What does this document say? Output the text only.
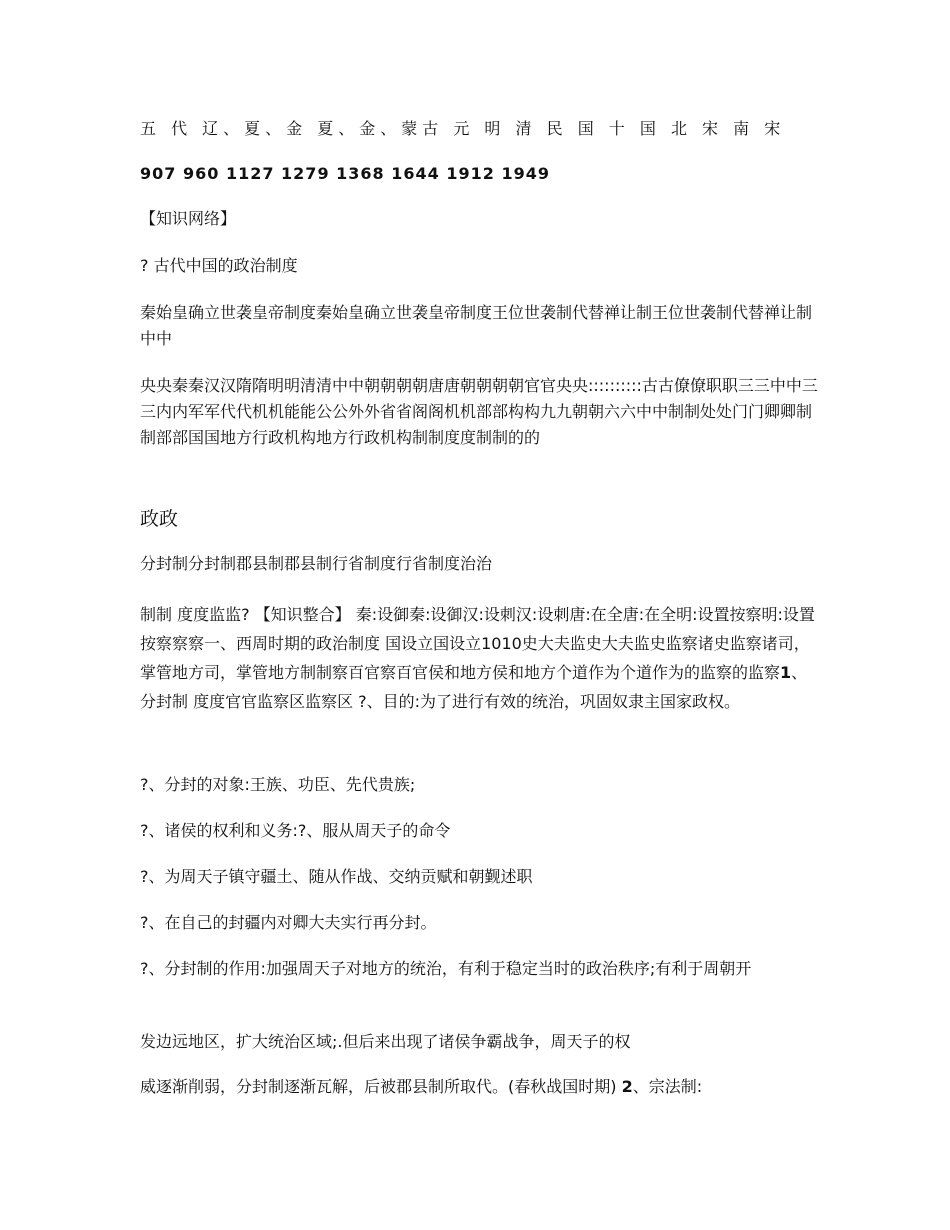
五 代 辽、夏、金 夏、金、蒙古 元 明 清 民 国 十 国 北 宋 南 宋
907 960 1127 1279 1368 1644 1912 1949
【知识网络】
? 古代中国的政治制度
秦始皇确立世袭皇帝制度秦始皇确立世袭皇帝制度王位世袭制代替禅让制王位世袭制代替禅让制中中
央央秦秦汉汉隋隋明明清清中中朝朝朝朝唐唐朝朝朝朝官官央央::::::::::古古僚僚职职三三中中三三内内军军代代机机能能公公外外省省阁阁机机部部构构九九朝朝六六中中制制处处门门卿卿制制部部国国地方行政机构地方行政机构制制度度制制的的
政政
分封制分封制郡县制郡县制行省制度行省制度治治
制制 度度监监? 【知识整合】 秦:设御秦:设御汉:设刺汉:设刺唐:在全唐:在全明:设置按察明:设置按察察察一、西周时期的政治制度 国设立国设立1010史大夫监史大夫监史监察诸史监察诸司，掌管地方司，掌管地方制制察百官察百官侯和地方侯和地方个道作为个道作为的监察的监察1、分封制 度度官官监察区监察区 ?、目的:为了进行有效的统治，巩固奴隶主国家政权。
?、分封的对象:王族、功臣、先代贵族;
?、诸侯的权利和义务:?、服从周天子的命令
?、为周天子镇守疆土、随从作战、交纳贡赋和朝觐述职
?、在自己的封疆内对卿大夫实行再分封。
?、分封制的作用:加强周天子对地方的统治，有利于稳定当时的政治秩序;有利于周朝开
发边远地区，扩大统治区域;.但后来出现了诸侯争霸战争，周天子的权
威逐渐削弱，分封制逐渐瓦解，后被郡县制所取代。(春秋战国时期) 2、宗法制:
